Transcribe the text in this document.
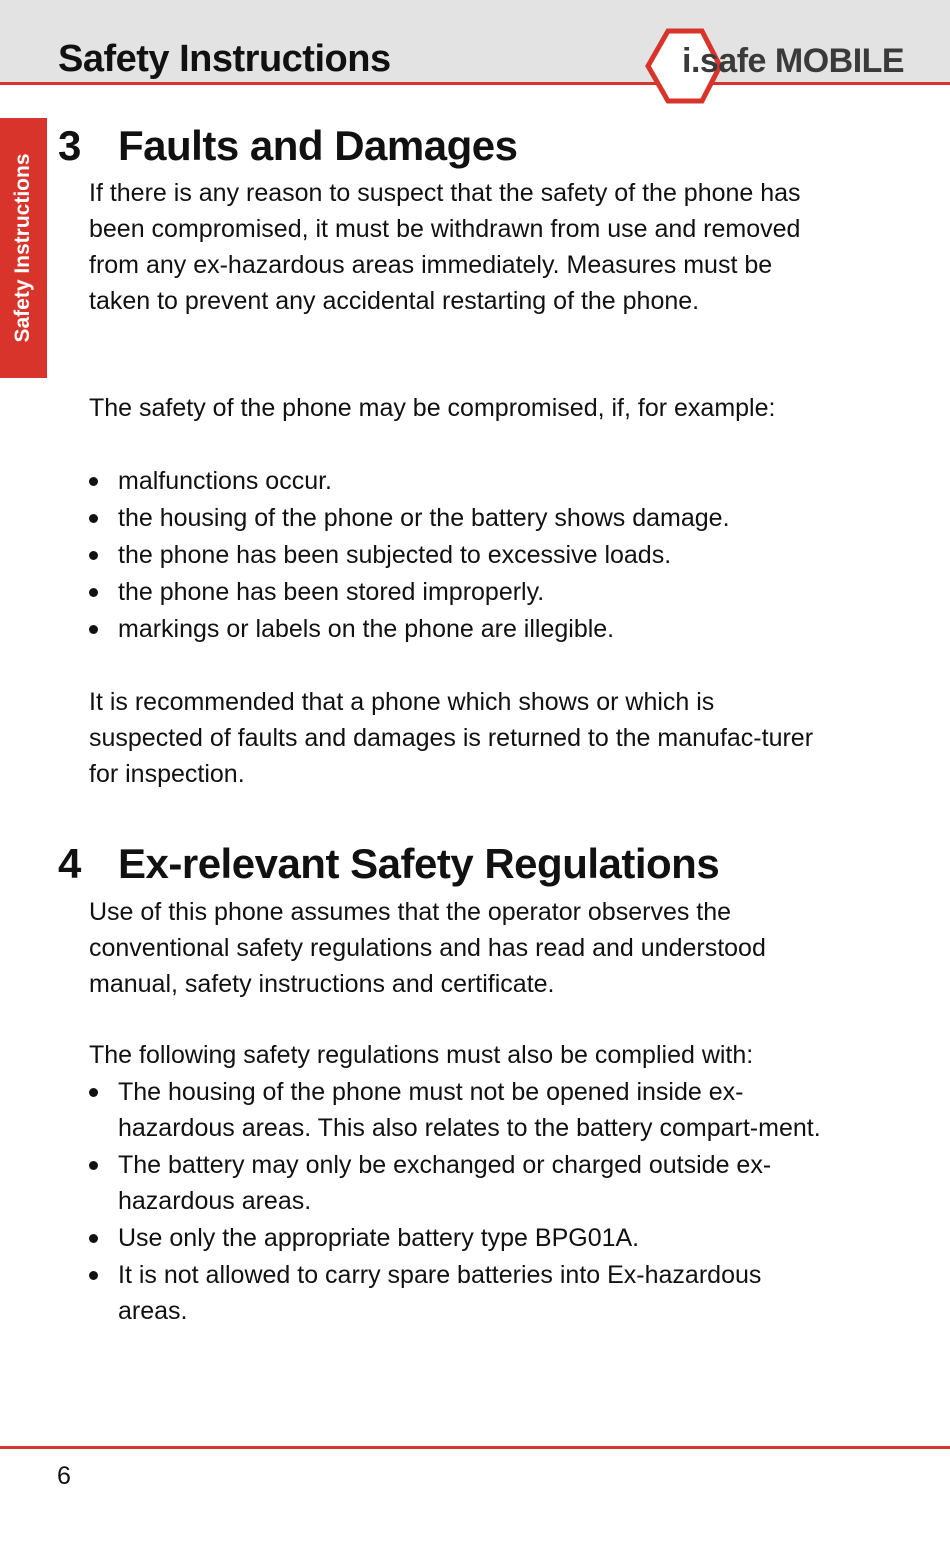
Safety Instructions	i.safe MOBILE
Safety Instructions
3 Faults and Damages

If there is any reason to suspect that the safety of the phone has been compromised, it must be withdrawn from use and removed from any ex-hazardous areas immediately. Measures must be taken to prevent any accidental restarting of the phone.

The safety of the phone may be compromised, if, for example:

malfunctions occur.
the housing of the phone or the battery shows damage.
the phone has been subjected to excessive loads.
the phone has been stored improperly.
markings or labels on the phone are illegible.

It is recommended that a phone which shows or which is suspected of faults and damages is returned to the manufac-turer for inspection.

4 Ex-relevant Safety Regulations

Use of this phone assumes that the operator observes the conventional safety regulations and has read and understood manual, safety instructions and certificate.

The following safety regulations must also be complied with:

The housing of the phone must not be opened inside ex-hazardous areas. This also relates to the battery compart-ment.
The battery may only be exchanged or charged outside ex-hazardous areas.
Use only the appropriate battery type BPG01A.
It is not allowed to carry spare batteries into Ex-hazardous areas.
6
